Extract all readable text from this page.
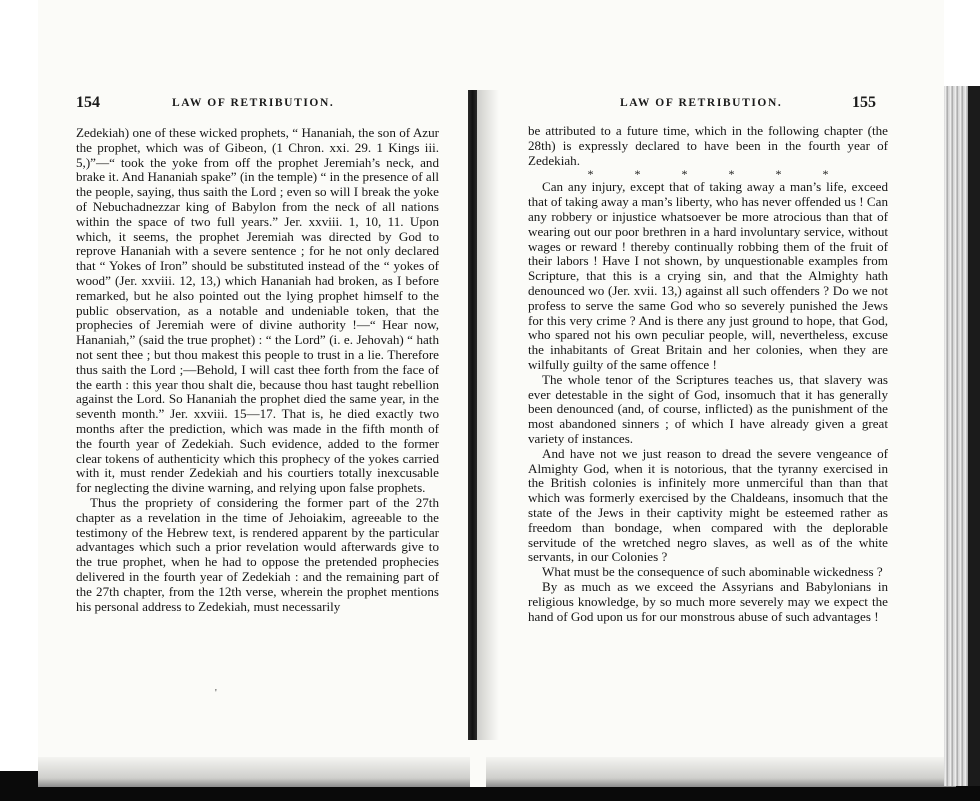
154	LAW OF RETRIBUTION.	LAW OF RETRIBUTION.	155

Zedekiah) one of these wicked prophets, “ Hananiah, the son of Azur the prophet, which was of Gibeon, (1 Chron. xxi. 29. 1 Kings iii. 5,)”—“ took the yoke from off the prophet Jeremiah’s neck, and brake it. And Hananiah spake” (in the temple) “ in the presence of all the people, saying, thus saith the Lord ; even so will I break the yoke of Nebuchadnezzar king of Babylon from the neck of all nations within the space of two full years.” Jer. xxviii. 1, 10, 11. Upon which, it seems, the prophet Jeremiah was directed by God to reprove Hananiah with a severe sentence ; for he not only declared that “ Yokes of Iron” should be substituted instead of the “ yokes of wood” (Jer. xxviii. 12, 13,) which Hananiah had broken, as I before remarked, but he also pointed out the lying prophet himself to the public observation, as a notable and undeniable token, that the prophecies of Jeremiah were of divine authority !—“ Hear now, Hananiah,” (said the true prophet) : “ the Lord” (i. e. Jehovah) “ hath not sent thee ; but thou makest this people to trust in a lie. Therefore thus saith the Lord ;—Behold, I will cast thee forth from the face of the earth : this year thou shalt die, because thou hast taught rebellion against the Lord. So Hananiah the prophet died the same year, in the seventh month.” Jer. xxviii. 15—17. That is, he died exactly two months after the prediction, which was made in the fifth month of the fourth year of Zedekiah. Such evidence, added to the former clear tokens of authenticity which this prophecy of the yokes carried with it, must render Zedekiah and his courtiers totally inexcusable for neglecting the divine warning, and relying upon false prophets.

Thus the propriety of considering the former part of the 27th chapter as a revelation in the time of Jehoiakim, agreeable to the testimony of the Hebrew text, is rendered apparent by the particular advantages which such a prior revelation would afterwards give to the true prophet, when he had to oppose the pretended prophecies delivered in the fourth year of Zedekiah : and the remaining part of the 27th chapter, from the 12th verse, wherein the prophet mentions his personal address to Zedekiah, must necessarily

be attributed to a future time, which in the following chapter (the 28th) is expressly declared to have been in the fourth year of Zedekiah.

* * * * * *

Can any injury, except that of taking away a man’s life, exceed that of taking away a man’s liberty, who has never offended us ! Can any robbery or injustice whatsoever be more atrocious than that of wearing out our poor brethren in a hard involuntary service, without wages or reward ! thereby continually robbing them of the fruit of their labors ! Have I not shown, by unquestionable examples from Scripture, that this is a crying sin, and that the Almighty hath denounced wo (Jer. xvii. 13,) against all such offenders ? Do we not profess to serve the same God who so severely punished the Jews for this very crime ? And is there any just ground to hope, that God, who spared not his own peculiar people, will, nevertheless, excuse the inhabitants of Great Britain and her colonies, when they are wilfully guilty of the same offence !

The whole tenor of the Scriptures teaches us, that slavery was ever detestable in the sight of God, insomuch that it has generally been denounced (and, of course, inflicted) as the punishment of the most abandoned sinners ; of which I have already given a great variety of instances.

And have not we just reason to dread the severe vengeance of Almighty God, when it is notorious, that the tyranny exercised in the British colonies is infinitely more unmerciful than than that which was formerly exercised by the Chaldeans, insomuch that the state of the Jews in their captivity might be esteemed rather as freedom than bondage, when compared with the deplorable servitude of the wretched negro slaves, as well as of the white servants, in our Colonies ?

What must be the consequence of such abominable wickedness ?

By as much as we exceed the Assyrians and Babylonians in religious knowledge, by so much more severely may we expect the hand of God upon us for our monstrous abuse of such advantages !

'
